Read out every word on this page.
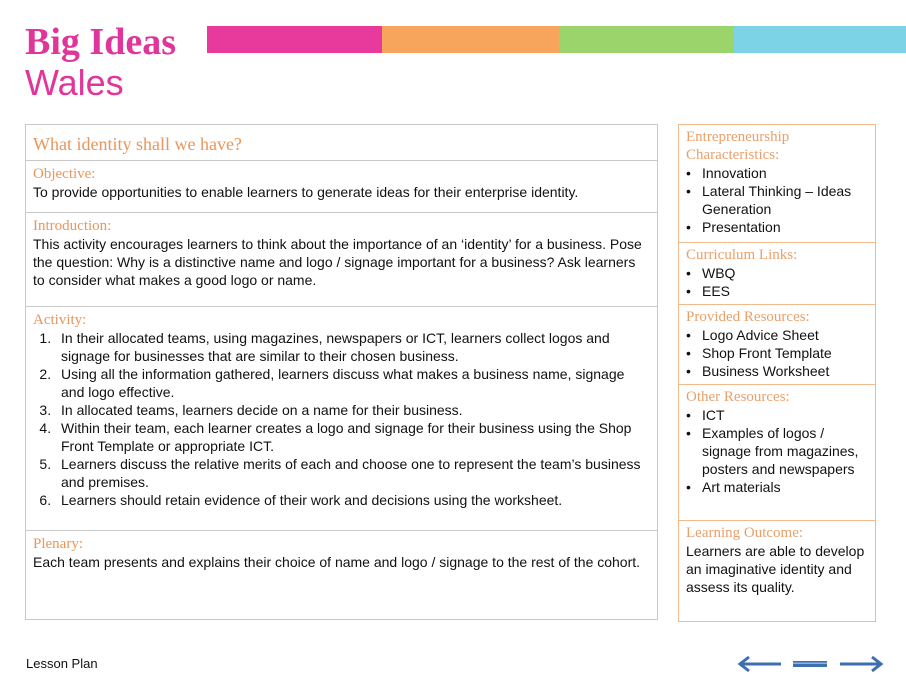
Big Ideas
Wales
What identity shall we have?
Objective:
To provide opportunities to enable learners to generate ideas for their enterprise identity.
Introduction:
This activity encourages learners to think about the importance of an ‘identity’ for a business. Pose the question: Why is a distinctive name and logo / signage important for a business? Ask learners to consider what makes a good logo or name.
Activity:
1. In their allocated teams, using magazines, newspapers or ICT, learners collect logos and signage for businesses that are similar to their chosen business.
2. Using all the information gathered, learners discuss what makes a business name, signage and logo effective.
3. In allocated teams, learners decide on a name for their business.
4. Within their team, each learner creates a logo and signage for their business using the Shop Front Template or appropriate ICT.
5. Learners discuss the relative merits of each and choose one to represent the team’s business and premises.
6. Learners should retain evidence of their work and decisions using the worksheet.
Plenary:
Each team presents and explains their choice of name and logo / signage to the rest of the cohort.
Entrepreneurship Characteristics:
• Innovation
• Lateral Thinking – Ideas Generation
• Presentation
Curriculum Links:
• WBQ
• EES
Provided Resources:
• Logo Advice Sheet
• Shop Front Template
• Business Worksheet
Other Resources:
• ICT
• Examples of logos / signage from magazines, posters and newspapers
• Art materials
Learning Outcome:
Learners are able to develop an imaginative identity and assess its quality.
Lesson Plan
